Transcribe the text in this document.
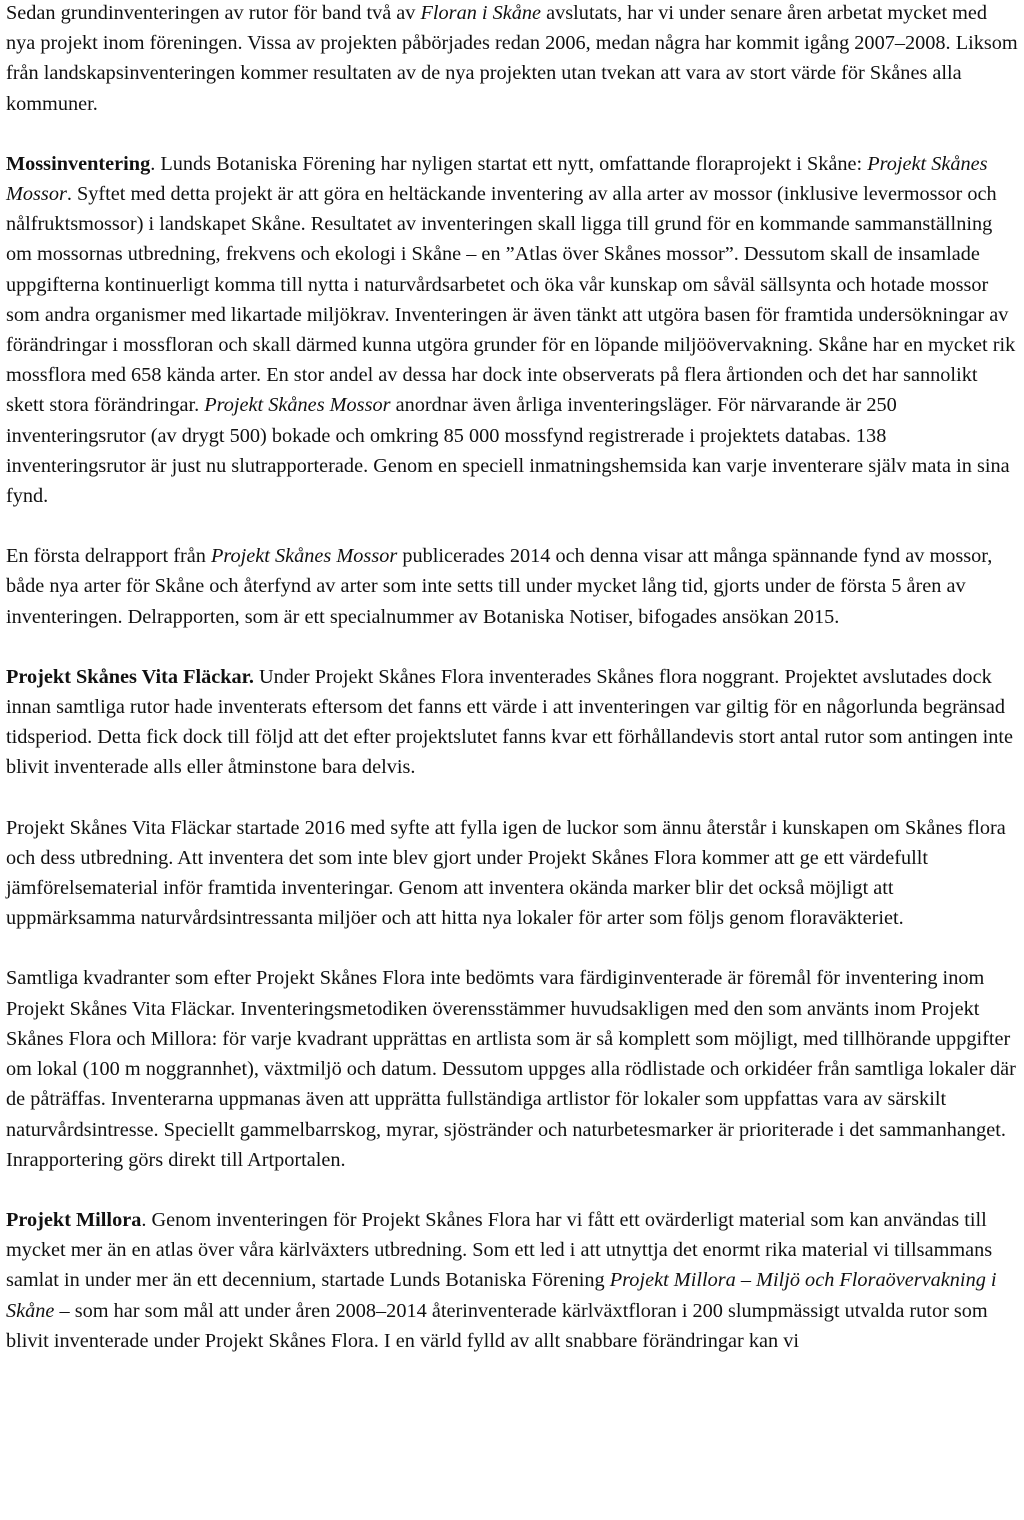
Sedan grundinventeringen av rutor för band två av Floran i Skåne avslutats, har vi under senare åren arbetat mycket med nya projekt inom föreningen. Vissa av projekten påbörjades redan 2006, medan några har kommit igång 2007–2008. Liksom från landskapsinventeringen kommer resultaten av de nya projekten utan tvekan att vara av stort värde för Skånes alla kommuner.

Mossinventering. Lunds Botaniska Förening har nyligen startat ett nytt, omfattande floraprojekt i Skåne: Projekt Skånes Mossor. Syftet med detta projekt är att göra en heltäckande inventering av alla arter av mossor (inklusive levermossor och nålfruktsmossor) i landskapet Skåne. Resultatet av inventeringen skall ligga till grund för en kommande sammanställning om mossornas utbredning, frekvens och ekologi i Skåne – en ”Atlas över Skånes mossor”. Dessutom skall de insamlade uppgifterna kontinuerligt komma till nytta i naturvårdsarbetet och öka vår kunskap om såväl sällsynta och hotade mossor som andra organismer med likartade miljökrav. Inventeringen är även tänkt att utgöra basen för framtida undersökningar av förändringar i mossfloran och skall därmed kunna utgöra grunder för en löpande miljöövervakning. Skåne har en mycket rik mossflora med 658 kända arter. En stor andel av dessa har dock inte observerats på flera årtionden och det har sannolikt skett stora förändringar. Projekt Skånes Mossor anordnar även årliga inventeringsläger. För närvarande är 250 inventeringsrutor (av drygt 500) bokade och omkring 85 000 mossfynd registrerade i projektets databas. 138 inventeringsrutor är just nu slutrapporterade. Genom en speciell inmatningshemsida kan varje inventerare själv mata in sina fynd.

En första delrapport från Projekt Skånes Mossor publicerades 2014 och denna visar att många spännande fynd av mossor, både nya arter för Skåne och återfynd av arter som inte setts till under mycket lång tid, gjorts under de första 5 åren av inventeringen. Delrapporten, som är ett specialnummer av Botaniska Notiser, bifogades ansökan 2015.

Projekt Skånes Vita Fläckar. Under Projekt Skånes Flora inventerades Skånes flora noggrant. Projektet avslutades dock innan samtliga rutor hade inventerats eftersom det fanns ett värde i att inventeringen var giltig för en någorlunda begränsad tidsperiod. Detta fick dock till följd att det efter projektslutet fanns kvar ett förhållandevis stort antal rutor som antingen inte blivit inventerade alls eller åtminstone bara delvis.

Projekt Skånes Vita Fläckar startade 2016 med syfte att fylla igen de luckor som ännu återstår i kunskapen om Skånes flora och dess utbredning. Att inventera det som inte blev gjort under Projekt Skånes Flora kommer att ge ett värdefullt jämförelsematerial inför framtida inventeringar. Genom att inventera okända marker blir det också möjligt att uppmärksamma naturvårdsintressanta miljöer och att hitta nya lokaler för arter som följs genom floraväkteriet.

Samtliga kvadranter som efter Projekt Skånes Flora inte bedömts vara färdiginventerade är föremål för inventering inom Projekt Skånes Vita Fläckar. Inventeringsmetodiken överensstämmer huvudsakligen med den som använts inom Projekt Skånes Flora och Millora: för varje kvadrant upprättas en artlista som är så komplett som möjligt, med tillhörande uppgifter om lokal (100 m noggrannhet), växtmiljö och datum. Dessutom uppges alla rödlistade och orkidéer från samtliga lokaler där de påträffas. Inventerarna uppmanas även att upprätta fullständiga artlistor för lokaler som uppfattas vara av särskilt naturvårdsintresse. Speciellt gammelbarrskog, myrar, sjöstränder och naturbetesmarker är prioriterade i det sammanhanget. Inrapportering görs direkt till Artportalen.

Projekt Millora. Genom inventeringen för Projekt Skånes Flora har vi fått ett ovärderligt material som kan användas till mycket mer än en atlas över våra kärlväxters utbredning. Som ett led i att utnyttja det enormt rika material vi tillsammans samlat in under mer än ett decennium, startade Lunds Botaniska Förening Projekt Millora – Miljö och Floraövervakning i Skåne – som har som mål att under åren 2008–2014 återinventerade kärlväxtfloran i 200 slumpmässigt utvalda rutor som blivit inventerade under Projekt Skånes Flora. I en värld fylld av allt snabbare förändringar kan vi
